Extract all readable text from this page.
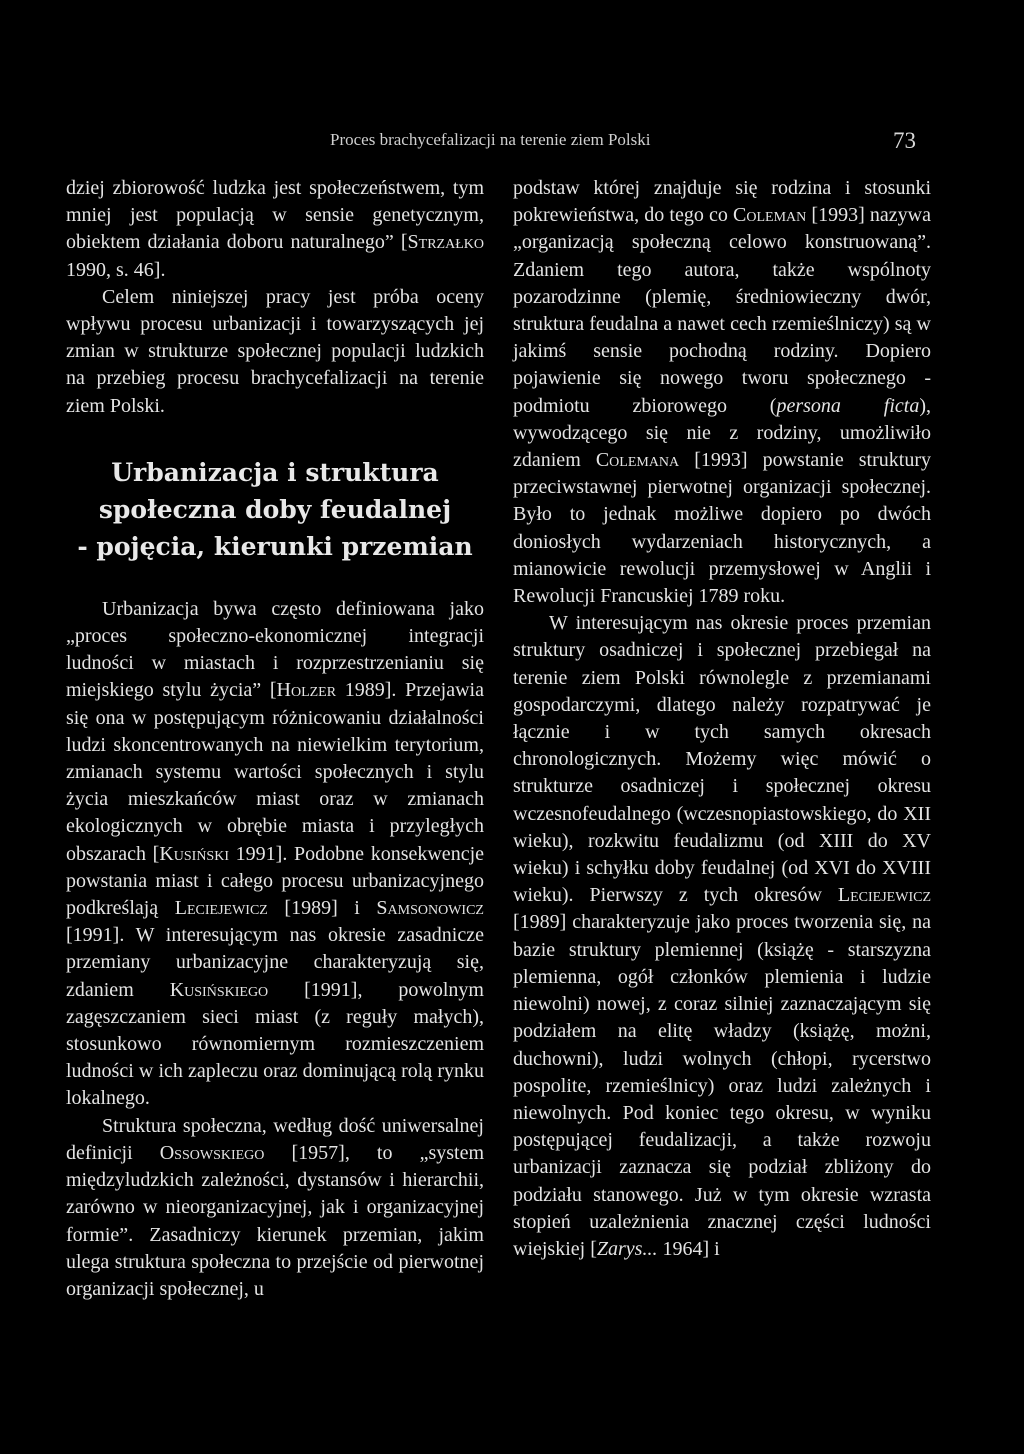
Proces brachycefalizacji na terenie ziem Polski	73

dziej zbiorowość ludzka jest społeczeństwem, tym mniej jest populacją w sensie genetycznym, obiektem działania doboru naturalnego” [Strzałko 1990, s. 46].

Celem niniejszej pracy jest próba oceny wpływu procesu urbanizacji i towarzyszących jej zmian w strukturze społecznej populacji ludzkich na przebieg procesu brachycefalizacji na terenie ziem Polski.

Urbanizacja i struktura
społeczna doby feudalnej
- pojęcia, kierunki przemian

Urbanizacja bywa często definiowana jako „proces społeczno-ekonomicznej integracji ludności w miastach i rozprzestrzenianiu się miejskiego stylu życia” [Holzer 1989]. Przejawia się ona w postępującym różnicowaniu działalności ludzi skoncentrowanych na niewielkim terytorium, zmianach systemu wartości społecznych i stylu życia mieszkańców miast oraz w zmianach ekologicznych w obrębie miasta i przyległych obszarach [Kusiński 1991]. Podobne konsekwencje powstania miast i całego procesu urbanizacyjnego podkreślają Leciejewicz [1989] i Samsonowicz [1991]. W interesującym nas okresie zasadnicze przemiany urbanizacyjne charakteryzują się, zdaniem Kusińskiego [1991], powolnym zagęszczaniem sieci miast (z reguły małych), stosunkowo równomiernym rozmieszczeniem ludności w ich zapleczu oraz dominującą rolą rynku lokalnego.

Struktura społeczna, według dość uniwersalnej definicji Ossowskiego [1957], to „system międzyludzkich zależności, dystansów i hierarchii, zarówno w nieorganizacyjnej, jak i organizacyjnej formie”. Zasadniczy kierunek przemian, jakim ulega struktura społeczna to przejście od pierwotnej organizacji społecznej, u

podstaw której znajduje się rodzina i stosunki pokrewieństwa, do tego co Coleman [1993] nazywa „organizacją społeczną celowo konstruowaną”. Zdaniem tego autora, także wspólnoty pozarodzinne (plemię, średniowieczny dwór, struktura feudalna a nawet cech rzemieślniczy) są w jakimś sensie pochodną rodziny. Dopiero pojawienie się nowego tworu społecznego - podmiotu zbiorowego (persona ficta), wywodzącego się nie z rodziny, umożliwiło zdaniem Colemana [1993] powstanie struktury przeciwstawnej pierwotnej organizacji społecznej. Było to jednak możliwe dopiero po dwóch doniosłych wydarzeniach historycznych, a mianowicie rewolucji przemysłowej w Anglii i Rewolucji Francuskiej 1789 roku.

W interesującym nas okresie proces przemian struktury osadniczej i społecznej przebiegał na terenie ziem Polski równolegle z przemianami gospodarczymi, dlatego należy rozpatrywać je łącznie i w tych samych okresach chronologicznych. Możemy więc mówić o strukturze osadniczej i społecznej okresu wczesnofeudalnego (wczesnopiastowskiego, do XII wieku), rozkwitu feudalizmu (od XIII do XV wieku) i schyłku doby feudalnej (od XVI do XVIII wieku). Pierwszy z tych okresów Leciejewicz [1989] charakteryzuje jako proces tworzenia się, na bazie struktury plemiennej (książę - starszyzna plemienna, ogół członków plemienia i ludzie niewolni) nowej, z coraz silniej zaznaczającym się podziałem na elitę władzy (książę, możni, duchowni), ludzi wolnych (chłopi, rycerstwo pospolite, rzemieślnicy) oraz ludzi zależnych i niewolnych. Pod koniec tego okresu, w wyniku postępującej feudalizacji, a także rozwoju urbanizacji zaznacza się podział zbliżony do podziału stanowego. Już w tym okresie wzrasta stopień uzależnienia znacznej części ludności wiejskiej [Zarys... 1964] i
